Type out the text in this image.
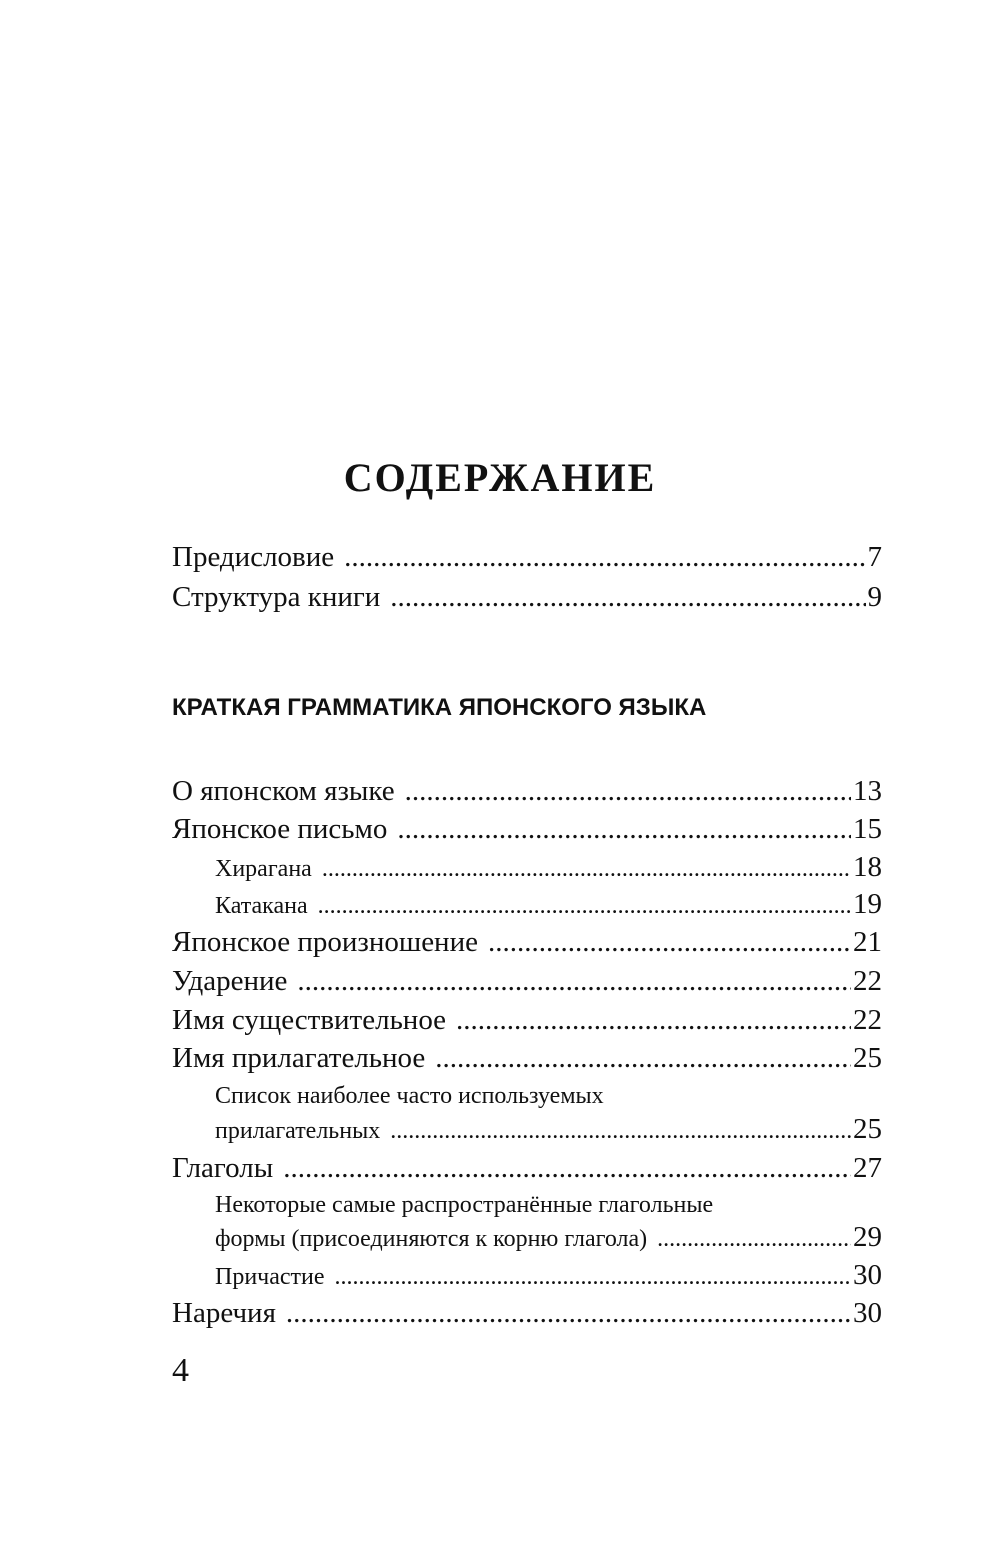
СОДЕРЖАНИЕ
Предисловие .....	7
Структура книги .....	9
КРАТКАЯ ГРАММАТИКА ЯПОНСКОГО ЯЗЫКА
О японском языке .....	13
Японское письмо .....	15
Хирагана .....	18
Катакана .....	19
Японское произношение .....	21
Ударение .....	22
Имя существительное .....	22
Имя прилагательное .....	25
Список наиболее часто используемых
прилагательных .....	25
Глаголы .....	27
Некоторые самые распространённые глагольные
формы (присоединяются к корню глагола) .....	29
Причастие .....	30
Наречия .....	30
4
